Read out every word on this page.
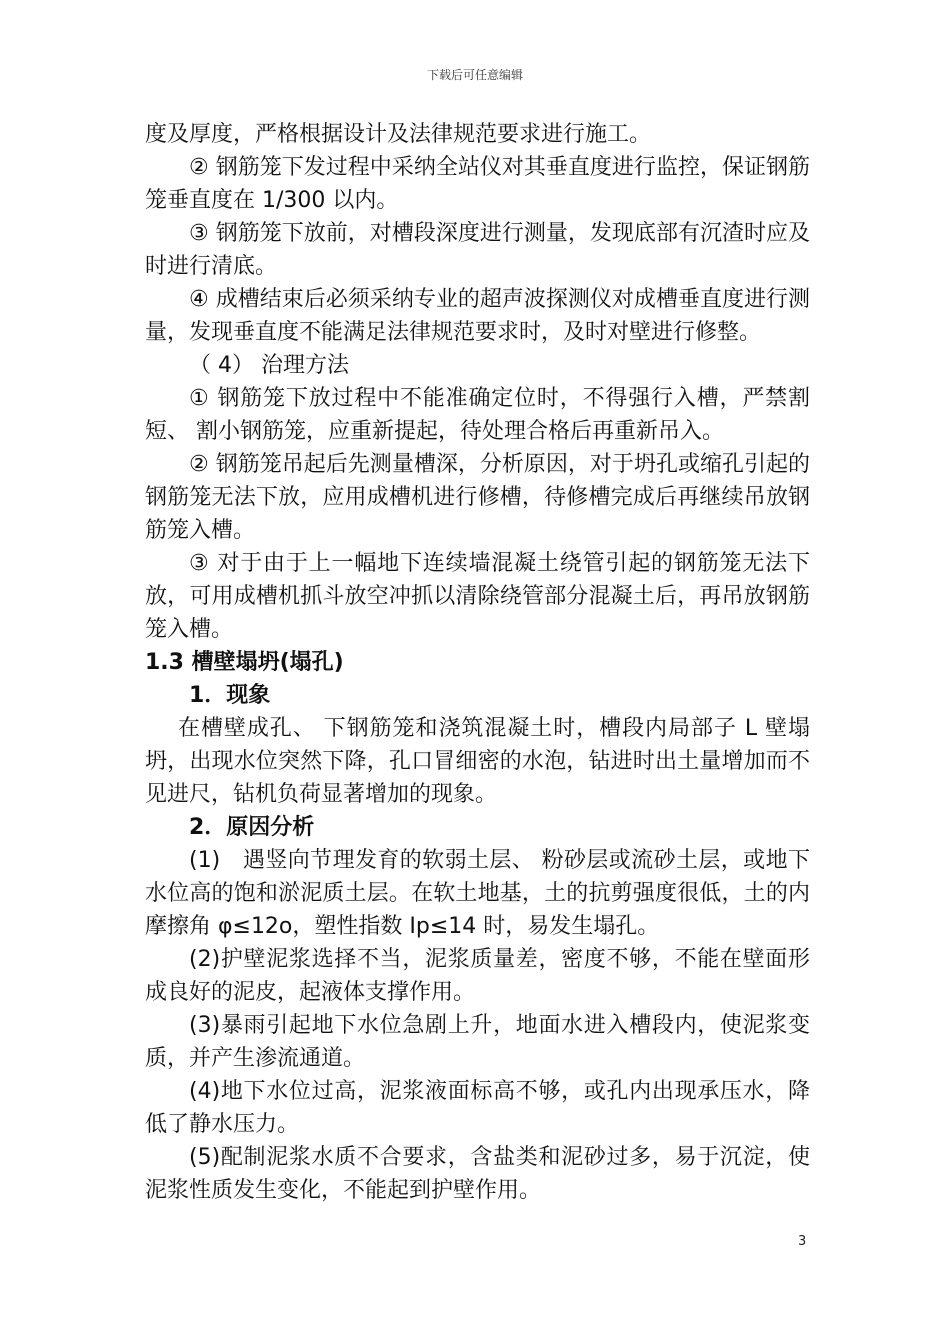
下载后可任意编辑

度及厚度，严格根据设计及法律规范要求进行施工。

② 钢筋笼下发过程中采纳全站仪对其垂直度进行监控，保证钢筋笼垂直度在 1/300 以内。

③ 钢筋笼下放前，对槽段深度进行测量，发现底部有沉渣时应及时进行清底。

④ 成槽结束后必须采纳专业的超声波探测仪对成槽垂直度进行测量，发现垂直度不能满足法律规范要求时，及时对壁进行修整。

（ 4） 治理方法

① 钢筋笼下放过程中不能准确定位时，不得强行入槽，严禁割短、 割小钢筋笼，应重新提起，待处理合格后再重新吊入。

② 钢筋笼吊起后先测量槽深，分析原因，对于坍孔或缩孔引起的钢筋笼无法下放，应用成槽机进行修槽，待修槽完成后再继续吊放钢筋笼入槽。

③ 对于由于上一幅地下连续墙混凝土绕管引起的钢筋笼无法下放，可用成槽机抓斗放空冲抓以清除绕管部分混凝土后，再吊放钢筋笼入槽。

1.3 槽壁塌坍(塌孔)

1．现象

在槽壁成孔、 下钢筋笼和浇筑混凝土时，槽段内局部子 L 壁塌坍，出现水位突然下降，孔口冒细密的水泡，钻进时出土量增加而不见进尺，钻机负荷显著增加的现象。

2．原因分析

(1)　遇竖向节理发育的软弱土层、 粉砂层或流砂土层，或地下水位高的饱和淤泥质土层。在软土地基，土的抗剪强度很低，土的内摩擦角 φ≤12o，塑性指数 Ip≤14 时，易发生塌孔。

(2)护壁泥浆选择不当，泥浆质量差，密度不够，不能在壁面形成良好的泥皮，起液体支撑作用。

(3)暴雨引起地下水位急剧上升，地面水进入槽段内，使泥浆变质，并产生渗流通道。

(4)地下水位过高，泥浆液面标高不够，或孔内出现承压水，降低了静水压力。

(5)配制泥浆水质不合要求，含盐类和泥砂过多，易于沉淀，使泥浆性质发生变化，不能起到护壁作用。

3
